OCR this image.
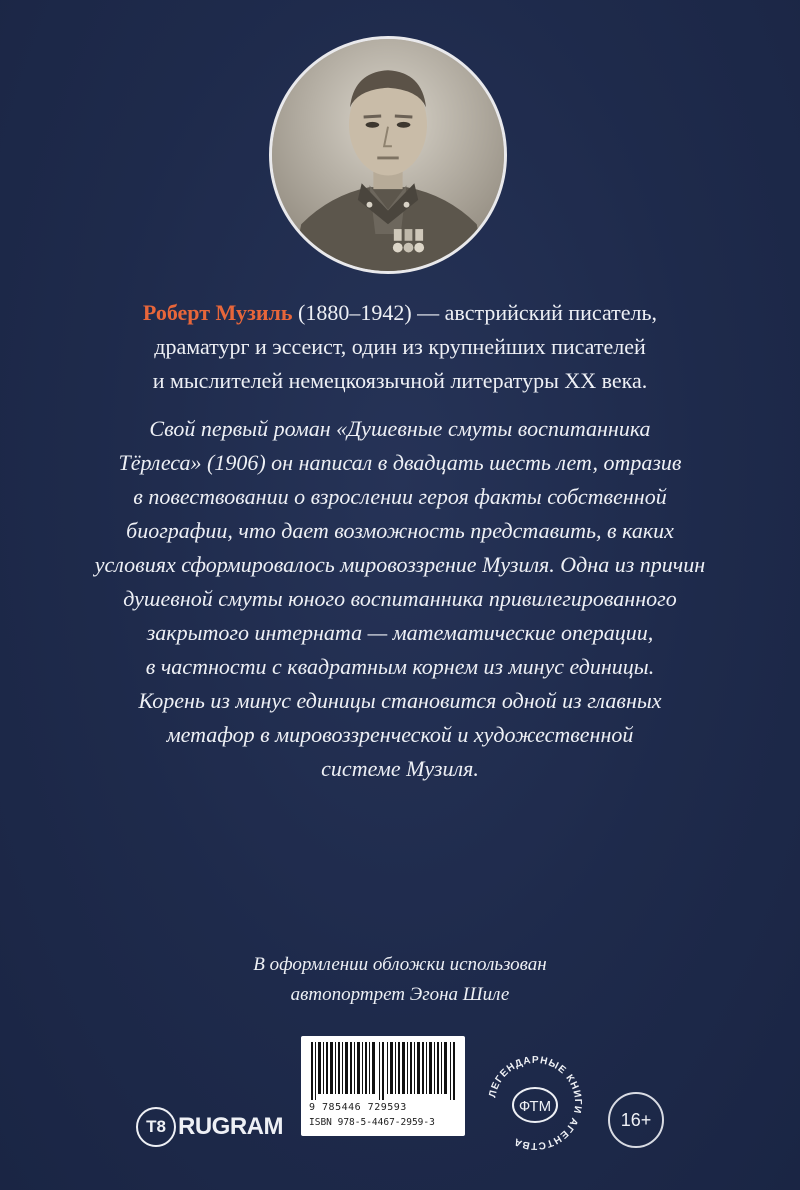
Роберт Музиль (1880–1942) — австрийский писатель,
драматург и эссеист, один из крупнейших писателей
и мыслителей немецкоязычной литературы XX века.
Свой первый роман «Душевные смуты воспитанника
Тёрлеса» (1906) он написал в двадцать шесть лет, отразив
в повествовании о взрослении героя факты собственной
биографии, что дает возможность представить, в каких
условиях сформировалось мировоззрение Музиля. Одна из причин
душевной смуты юного воспитанника привилегированного
закрытого интерната — математические операции,
в частности с квадратным корнем из минус единицы.
Корень из минус единицы становится одной из главных
метафор в мировоззренческой и художественной
системе Музиля.
В оформлении обложки использован
автопортрет Эгона Шиле
9 785446 729593
ISBN 978-5-4467-2959-3
T8 RUGRAM
ЛЕГЕНДАРНЫЕ КНИГИ АГЕНТСТВА
ФТМ
16+
